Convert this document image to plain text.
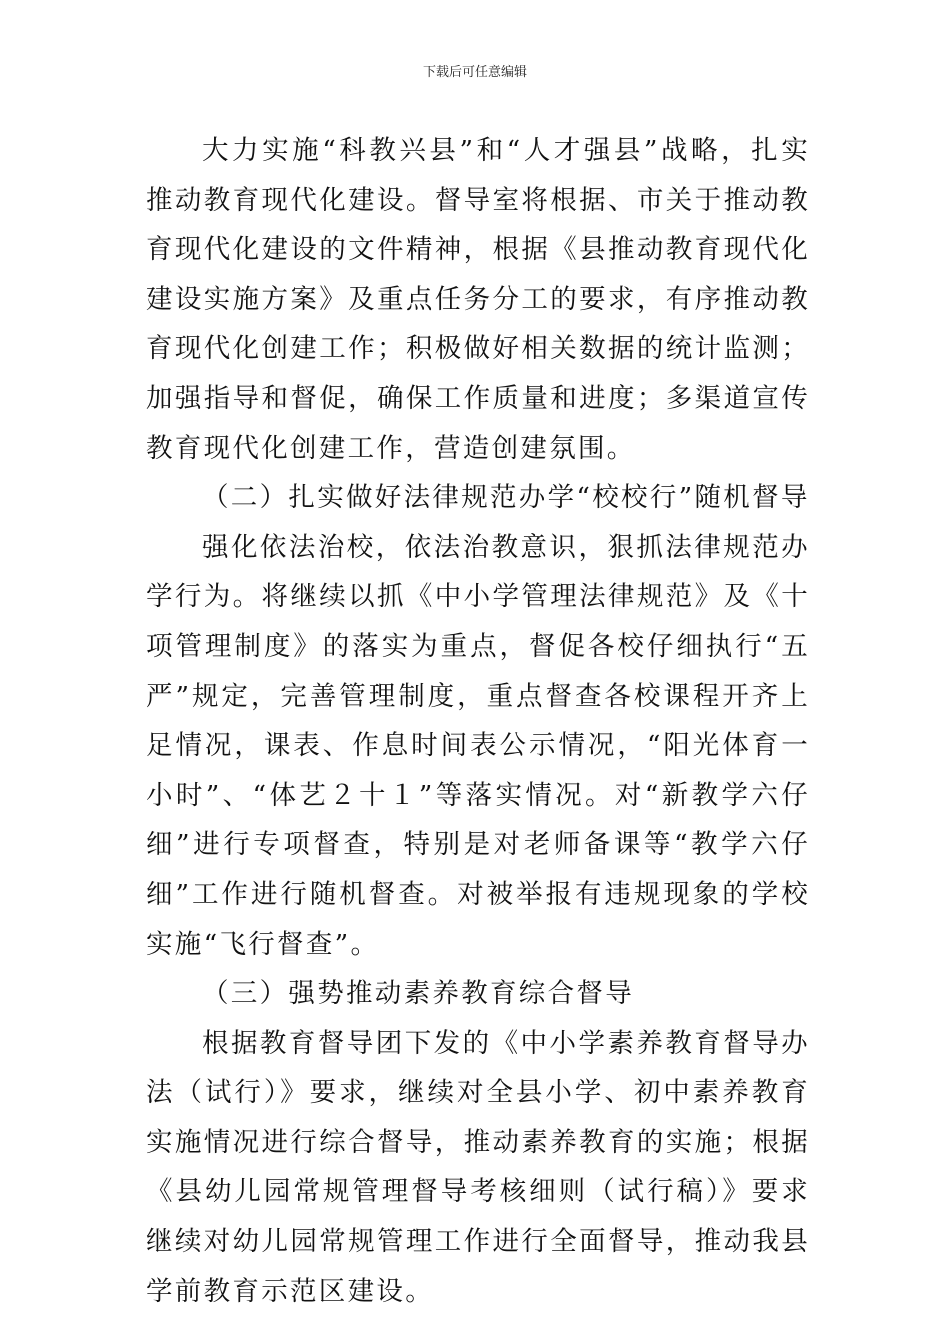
下载后可任意编辑

大力实施“科教兴县”和“人才强县”战略，扎实推动教育现代化建设。督导室将根据、市关于推动教育现代化建设的文件精神，根据《县推动教育现代化建设实施方案》及重点任务分工的要求，有序推动教育现代化创建工作；积极做好相关数据的统计监测；加强指导和督促，确保工作质量和进度；多渠道宣传教育现代化创建工作，营造创建氛围。

（二）扎实做好法律规范办学“校校行”随机督导

强化依法治校，依法治教意识，狠抓法律规范办学行为。将继续以抓《中小学管理法律规范》及《十项管理制度》的落实为重点，督促各校仔细执行“五严”规定，完善管理制度，重点督查各校课程开齐上足情况，课表、作息时间表公示情况，“阳光体育一小时”、“体艺２十１”等落实情况。对“新教学六仔细”进行专项督查，特别是对老师备课等“教学六仔细”工作进行随机督查。对被举报有违规现象的学校实施“飞行督查”。

（三）强势推动素养教育综合督导

根据教育督导团下发的《中小学素养教育督导办法（试行）》要求，继续对全县小学、初中素养教育实施情况进行综合督导，推动素养教育的实施；根据《县幼儿园常规管理督导考核细则（试行稿）》要求继续对幼儿园常规管理工作进行全面督导，推动我县学前教育示范区建设。
